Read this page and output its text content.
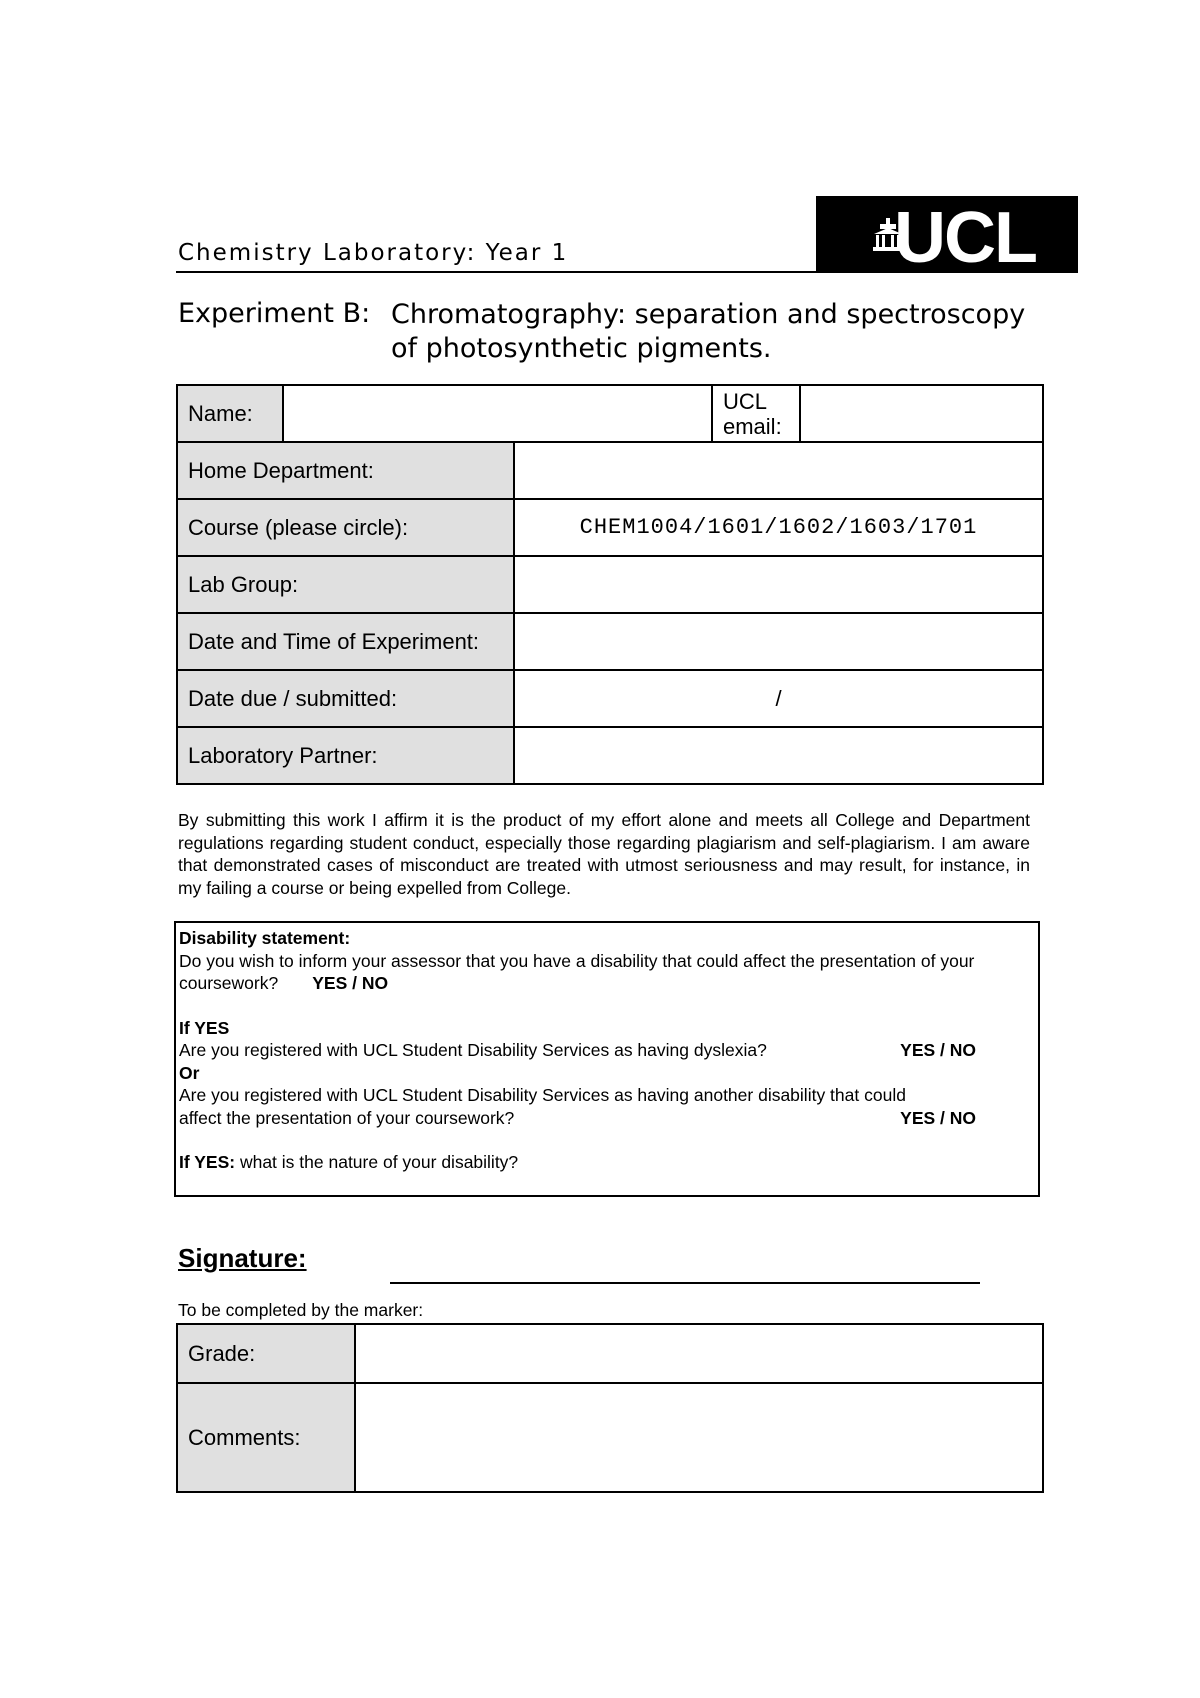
Chemistry Laboratory: Year 1	UCL
Experiment B: Chromatography: separation and spectroscopy
of photosynthetic pigments.
Name:			UCL
email:	

Home Department:				
Course (please circle):		CHEM1004/1601/1602/1603/1701		
Lab Group:				
Date and Time of Experiment:				
Date due / submitted:		/		
Laboratory Partner:				
By submitting this work I affirm it is the product of my effort alone and meets all College and Department regulations regarding student conduct, especially those regarding plagiarism and self-plagiarism. I am aware that demonstrated cases of misconduct are treated with utmost seriousness and may result, for instance, in my failing a course or being expelled from College.

Disability statement:

Do you wish to inform your assessor that you have a disability that could affect the presentation of your coursework? YES / NO

If YES

Are you registered with UCL Student Disability Services as having dyslexia?	YES / NO

Or

Are you registered with UCL Student Disability Services as having another disability that could

affect the presentation of your coursework?	YES / NO

If YES: what is the nature of your disability?

Signature:
To be completed by the marker:
Grade:	
Comments:	
